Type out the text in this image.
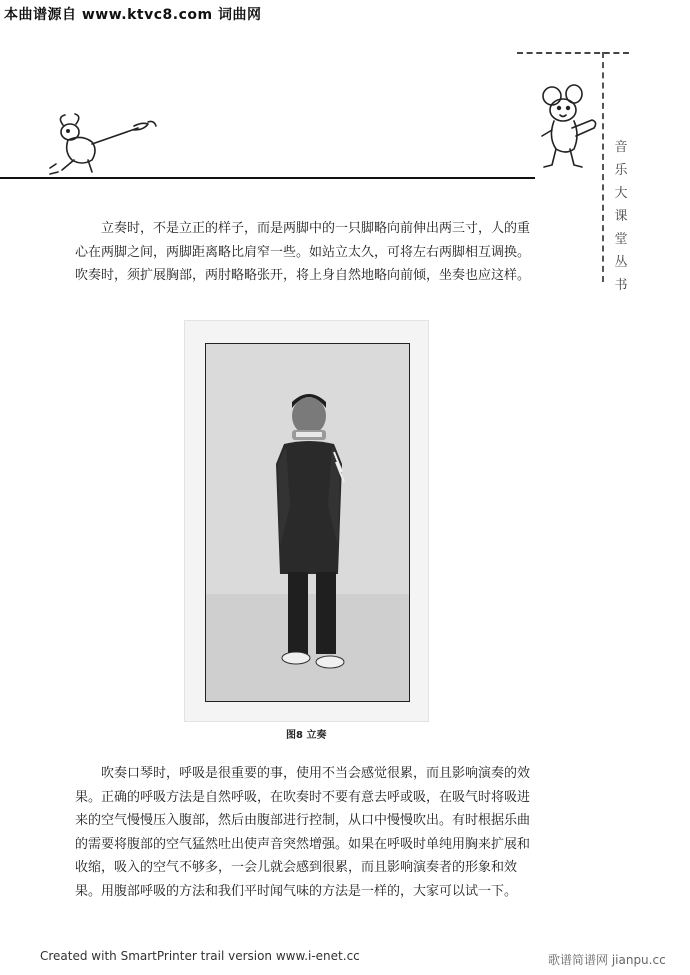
本曲谱源自 www.ktvc8.com 词曲网
音
乐
大
课
堂
丛
书

立奏时，不是立正的样子，而是两脚中的一只脚略向前伸出两三寸，人的重心在两脚之间，两脚距离略比肩窄一些。如站立太久，可将左右两脚相互调换。吹奏时，须扩展胸部，两肘略略张开，将上身自然地略向前倾，坐奏也应这样。

图8 立奏

吹奏口琴时，呼吸是很重要的事，使用不当会感觉很累，而且影响演奏的效果。正确的呼吸方法是自然呼吸，在吹奏时不要有意去呼或吸，在吸气时将吸进来的空气慢慢压入腹部，然后由腹部进行控制，从口中慢慢吹出。有时根据乐曲的需要将腹部的空气猛然吐出使声音突然增强。如果在呼吸时单纯用胸来扩展和收缩，吸入的空气不够多，一会儿就会感到很累，而且影响演奏者的形象和效果。用腹部呼吸的方法和我们平时闻气味的方法是一样的，大家可以试一下。

Created with SmartPrinter trail version www.i-enet.cc	歌谱简谱网 jianpu.cc
